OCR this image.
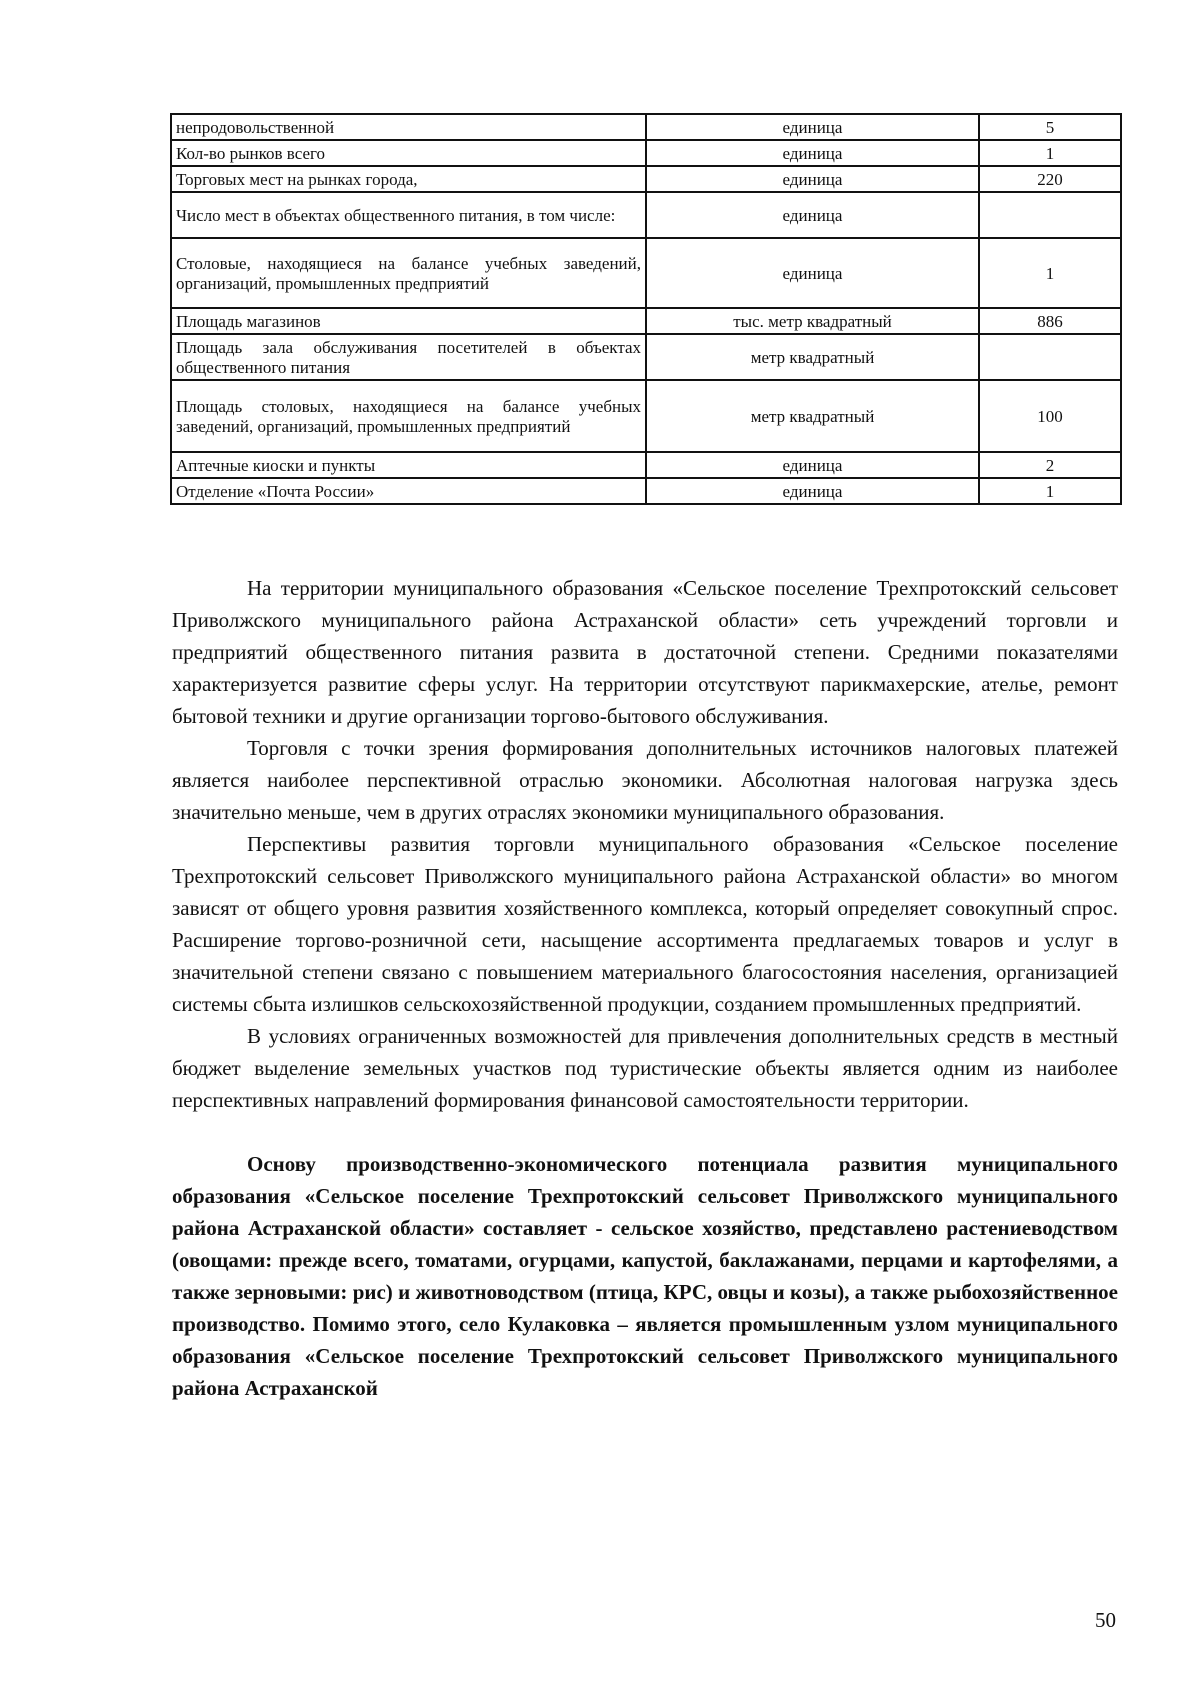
непродовольственной	единица	5
Кол-во рынков всего	единица	1
Торговых мест на рынках города,	единица	220
Число мест в объектах общественного питания, в том числе:	единица	
Столовые, находящиеся на балансе учебных заведений, организаций, промышленных предприятий	единица	1
Площадь магазинов	тыс. метр квадратный	886
Площадь зала обслуживания посетителей в объектах общественного питания	метр квадратный	
Площадь столовых, находящиеся на балансе учебных заведений, организаций, промышленных предприятий	метр квадратный	100
Аптечные киоски и пункты	единица	2
Отделение «Почта России»	единица	1

На территории муниципального образования «Сельское поселение Трехпротокский сельсовет Приволжского муниципального района Астраханской области» сеть учреждений торговли и предприятий общественного питания развита в достаточной степени. Средними показателями характеризуется развитие сферы услуг. На территории отсутствуют парикмахерские, ателье, ремонт бытовой техники и другие организации торгово-бытового обслуживания.

Торговля с точки зрения формирования дополнительных источников налоговых платежей является наиболее перспективной отраслью экономики. Абсолютная налоговая нагрузка здесь значительно меньше, чем в других отраслях экономики муниципального образования.

Перспективы развития торговли муниципального образования «Сельское поселение Трехпротокский сельсовет Приволжского муниципального района Астраханской области» во многом зависят от общего уровня развития хозяйственного комплекса, который определяет совокупный спрос. Расширение торгово-розничной сети, насыщение ассортимента предлагаемых товаров и услуг в значительной степени связано с повышением материального благосостояния населения, организацией системы сбыта излишков сельскохозяйственной продукции, созданием промышленных предприятий.

В условиях ограниченных возможностей для привлечения дополнительных средств в местный бюджет выделение земельных участков под туристические объекты является одним из наиболее перспективных направлений формирования финансовой самостоятельности территории.

Основу производственно-экономического потенциала развития муниципального образования «Сельское поселение Трехпротокский сельсовет Приволжского муниципального района Астраханской области» составляет - сельское хозяйство, представлено растениеводством (овощами: прежде всего, томатами, огурцами, капустой, баклажанами, перцами и картофелями, а также зерновыми: рис) и животноводством (птица, КРС, овцы и козы), а также рыбохозяйственное производство. Помимо этого, село Кулаковка – является промышленным узлом муниципального образования «Сельское поселение Трехпротокский сельсовет Приволжского муниципального района Астраханской

50
